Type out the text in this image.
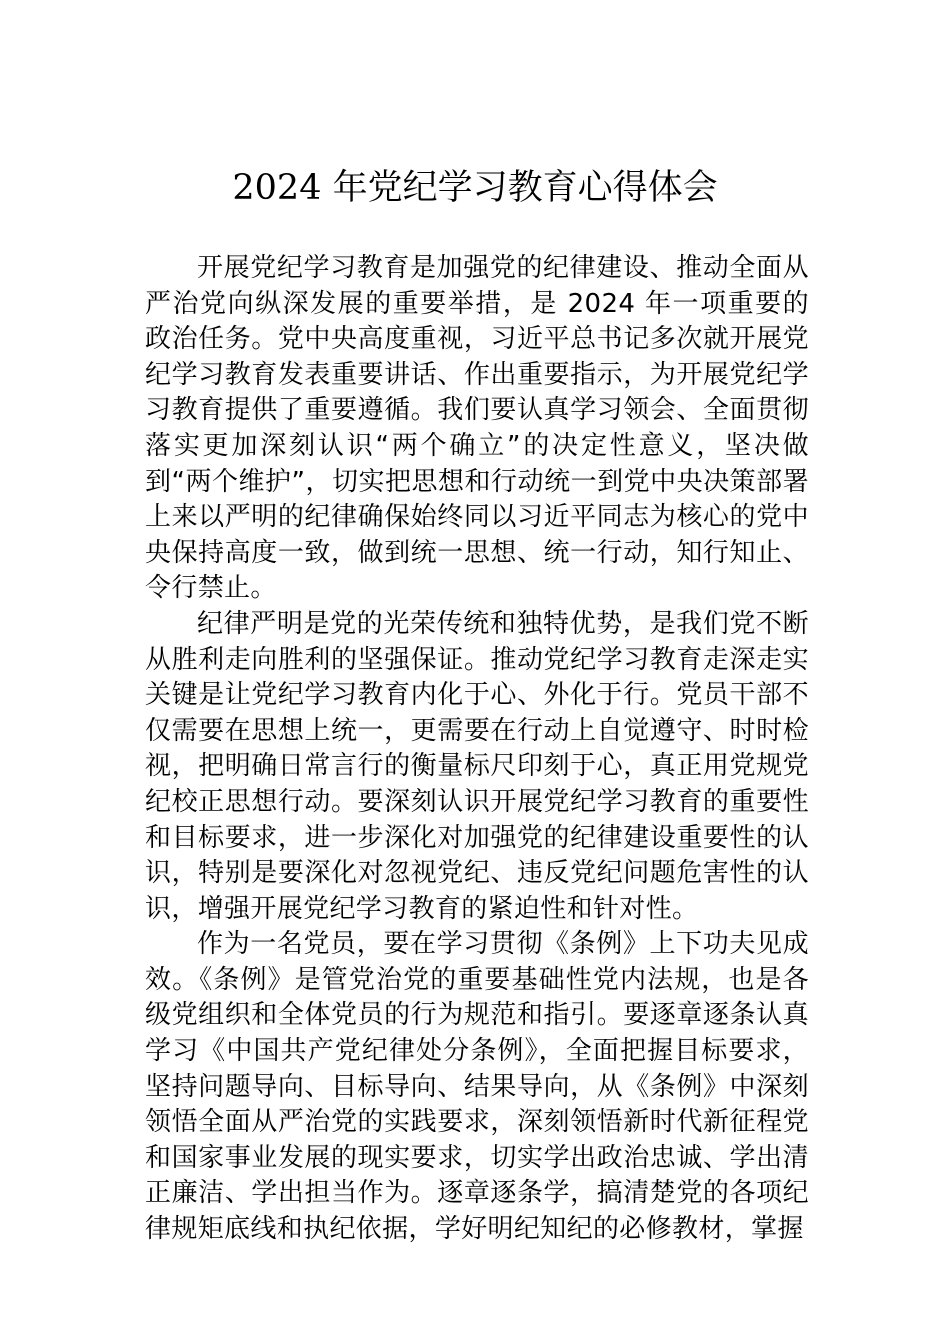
2024 年党纪学习教育心得体会

开展党纪学习教育是加强党的纪律建设、推动全面从严治党向纵深发展的重要举措，是 2024 年一项重要的政治任务。党中央高度重视，习近平总书记多次就开展党纪学习教育发表重要讲话、作出重要指示，为开展党纪学习教育提供了重要遵循。我们要认真学习领会、全面贯彻落实更加深刻认识“两个确立”的决定性意义，坚决做到“两个维护”，切实把思想和行动统一到党中央决策部署上来以严明的纪律确保始终同以习近平同志为核心的党中央保持高度一致，做到统一思想、统一行动，知行知止、令行禁止。

纪律严明是党的光荣传统和独特优势，是我们党不断从胜利走向胜利的坚强保证。推动党纪学习教育走深走实关键是让党纪学习教育内化于心、外化于行。党员干部不仅需要在思想上统一，更需要在行动上自觉遵守、时时检视，把明确日常言行的衡量标尺印刻于心，真正用党规党纪校正思想行动。要深刻认识开展党纪学习教育的重要性和目标要求，进一步深化对加强党的纪律建设重要性的认识，特别是要深化对忽视党纪、违反党纪问题危害性的认识，增强开展党纪学习教育的紧迫性和针对性。

作为一名党员，要在学习贯彻《条例》上下功夫见成效。《条例》是管党治党的重要基础性党内法规，也是各级党组织和全体党员的行为规范和指引。要逐章逐条认真学习《中国共产党纪律处分条例》，全面把握目标要求，坚持问题导向、目标导向、结果导向，从《条例》中深刻领悟全面从严治党的实践要求，深刻领悟新时代新征程党和国家事业发展的现实要求，切实学出政治忠诚、学出清正廉洁、学出担当作为。逐章逐条学，搞清楚党的各项纪律规矩底线和执纪依据，学好明纪知纪的必修教材，掌握
